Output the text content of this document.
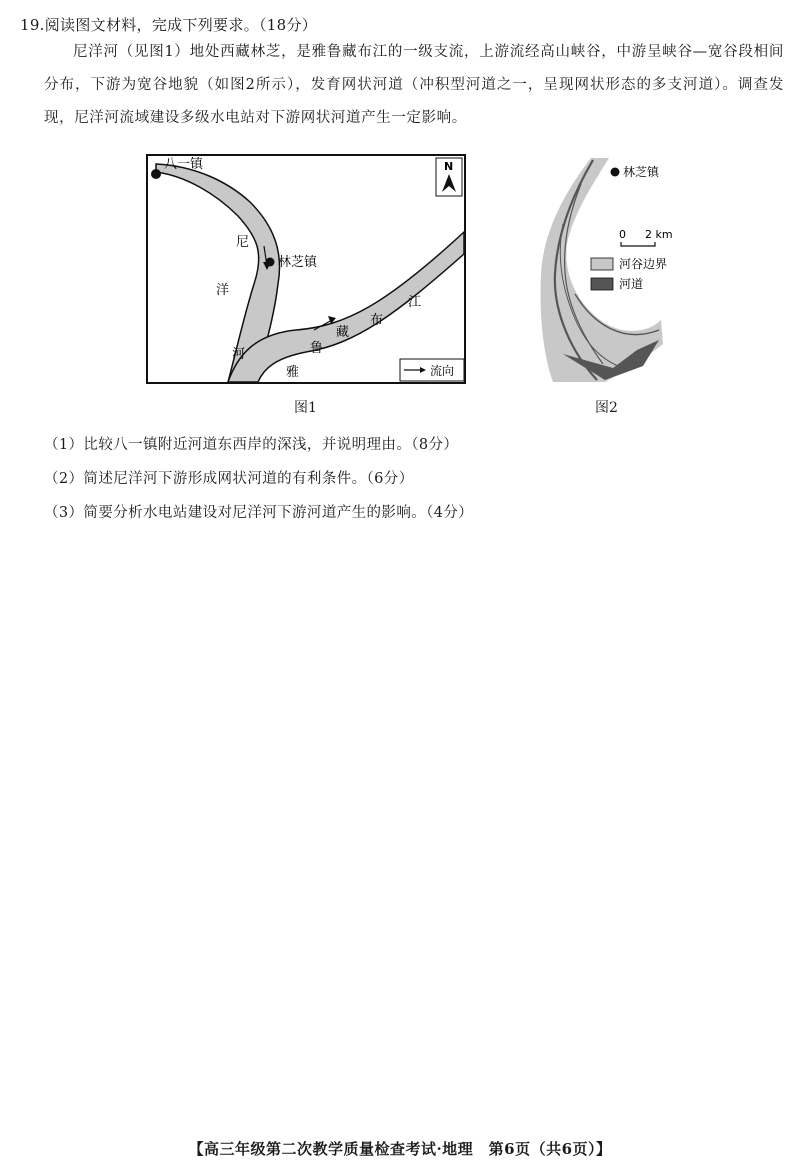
19.阅读图文材料，完成下列要求。（18分）
尼洋河（见图1）地处西藏林芝，是雅鲁藏布江的一级支流，上游流经高山峡谷，中游呈峡谷—宽谷段相间分布，下游为宽谷地貌（如图2所示），发育网状河道（冲积型河道之一，呈现网状形态的多支河道）。调查发现，尼洋河流域建设多级水电站对下游网状河道产生一定影响。
八一镇
林芝镇
N
尼
洋
河
江
布
藏
鲁
雅	流向
图1
林芝镇
0 2 km
河谷边界
河道
图2
（1）比较八一镇附近河道东西岸的深浅，并说明理由。（8分）
（2）简述尼洋河下游形成网状河道的有利条件。（6分）
（3）简要分析水电站建设对尼洋河下游河道产生的影响。（4分）
【高三年级第二次教学质量检查考试·地理　第6页（共6页）】
